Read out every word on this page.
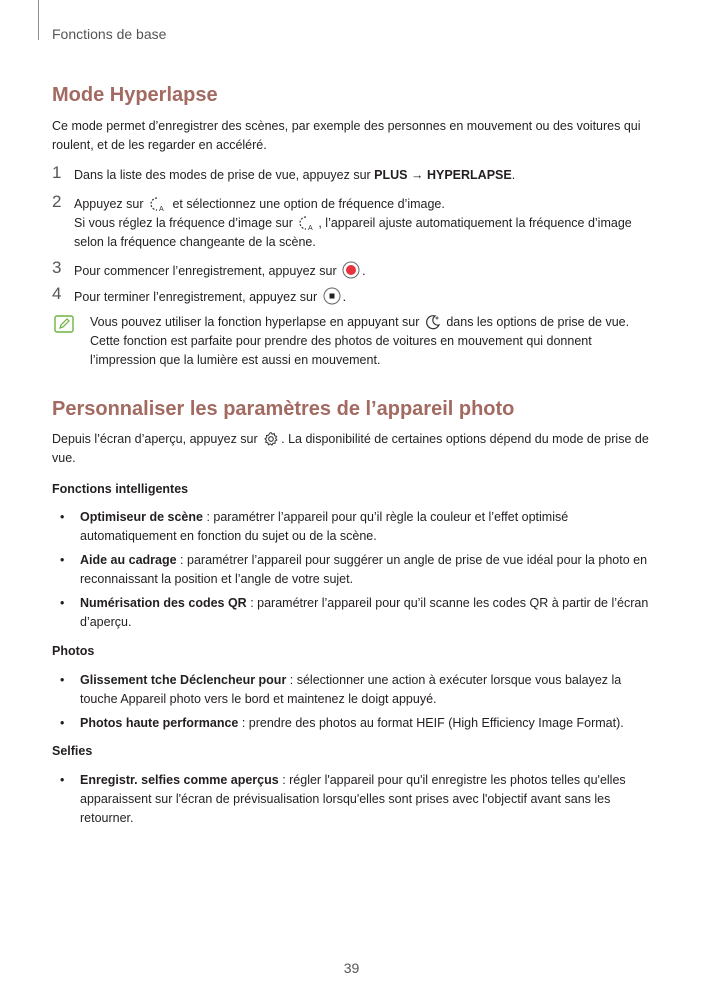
Fonctions de base
Mode Hyperlapse

Ce mode permet d’enregistrer des scènes, par exemple des personnes en mouvement ou des voitures qui roulent, et de les regarder en accéléré.

1 Dans la liste des modes de prise de vue, appuyez sur PLUS → HYPERLAPSE.
2 Appuyez sur A et sélectionnez une option de fréquence d’image.
Si vous réglez la fréquence d’image sur A , l’appareil ajuste automatiquement la fréquence d’image selon la fréquence changeante de la scène.
3 Pour commencer l’enregistrement, appuyez sur .
4 Pour terminer l’enregistrement, appuyez sur .
Vous pouvez utiliser la fonction hyperlapse en appuyant sur  dans les options de prise de vue. Cette fonction est parfaite pour prendre des photos de voitures en mouvement qui donnent l’impression que la lumière est aussi en mouvement.
Personnaliser les paramètres de l’appareil photo

Depuis l’écran d’aperçu, appuyez sur . La disponibilité de certaines options dépend du mode de prise de vue.

Fonctions intelligentes
• Optimiseur de scène : paramétrer l’appareil pour qu’il règle la couleur et l’effet optimisé automatiquement en fonction du sujet ou de la scène.
• Aide au cadrage : paramétrer l’appareil pour suggérer un angle de prise de vue idéal pour la photo en reconnaissant la position et l’angle de votre sujet.
• Numérisation des codes QR : paramétrer l’appareil pour qu’il scanne les codes QR à partir de l’écran d’aperçu.
Photos
• Glissement tche Déclencheur pour : sélectionner une action à exécuter lorsque vous balayez la touche Appareil photo vers le bord et maintenez le doigt appuyé.
• Photos haute performance : prendre des photos au format HEIF (High Efficiency Image Format).
Selfies
• Enregistr. selfies comme aperçus : régler l'appareil pour qu'il enregistre les photos telles qu'elles apparaissent sur l'écran de prévisualisation lorsqu'elles sont prises avec l'objectif avant sans les retourner.
39
